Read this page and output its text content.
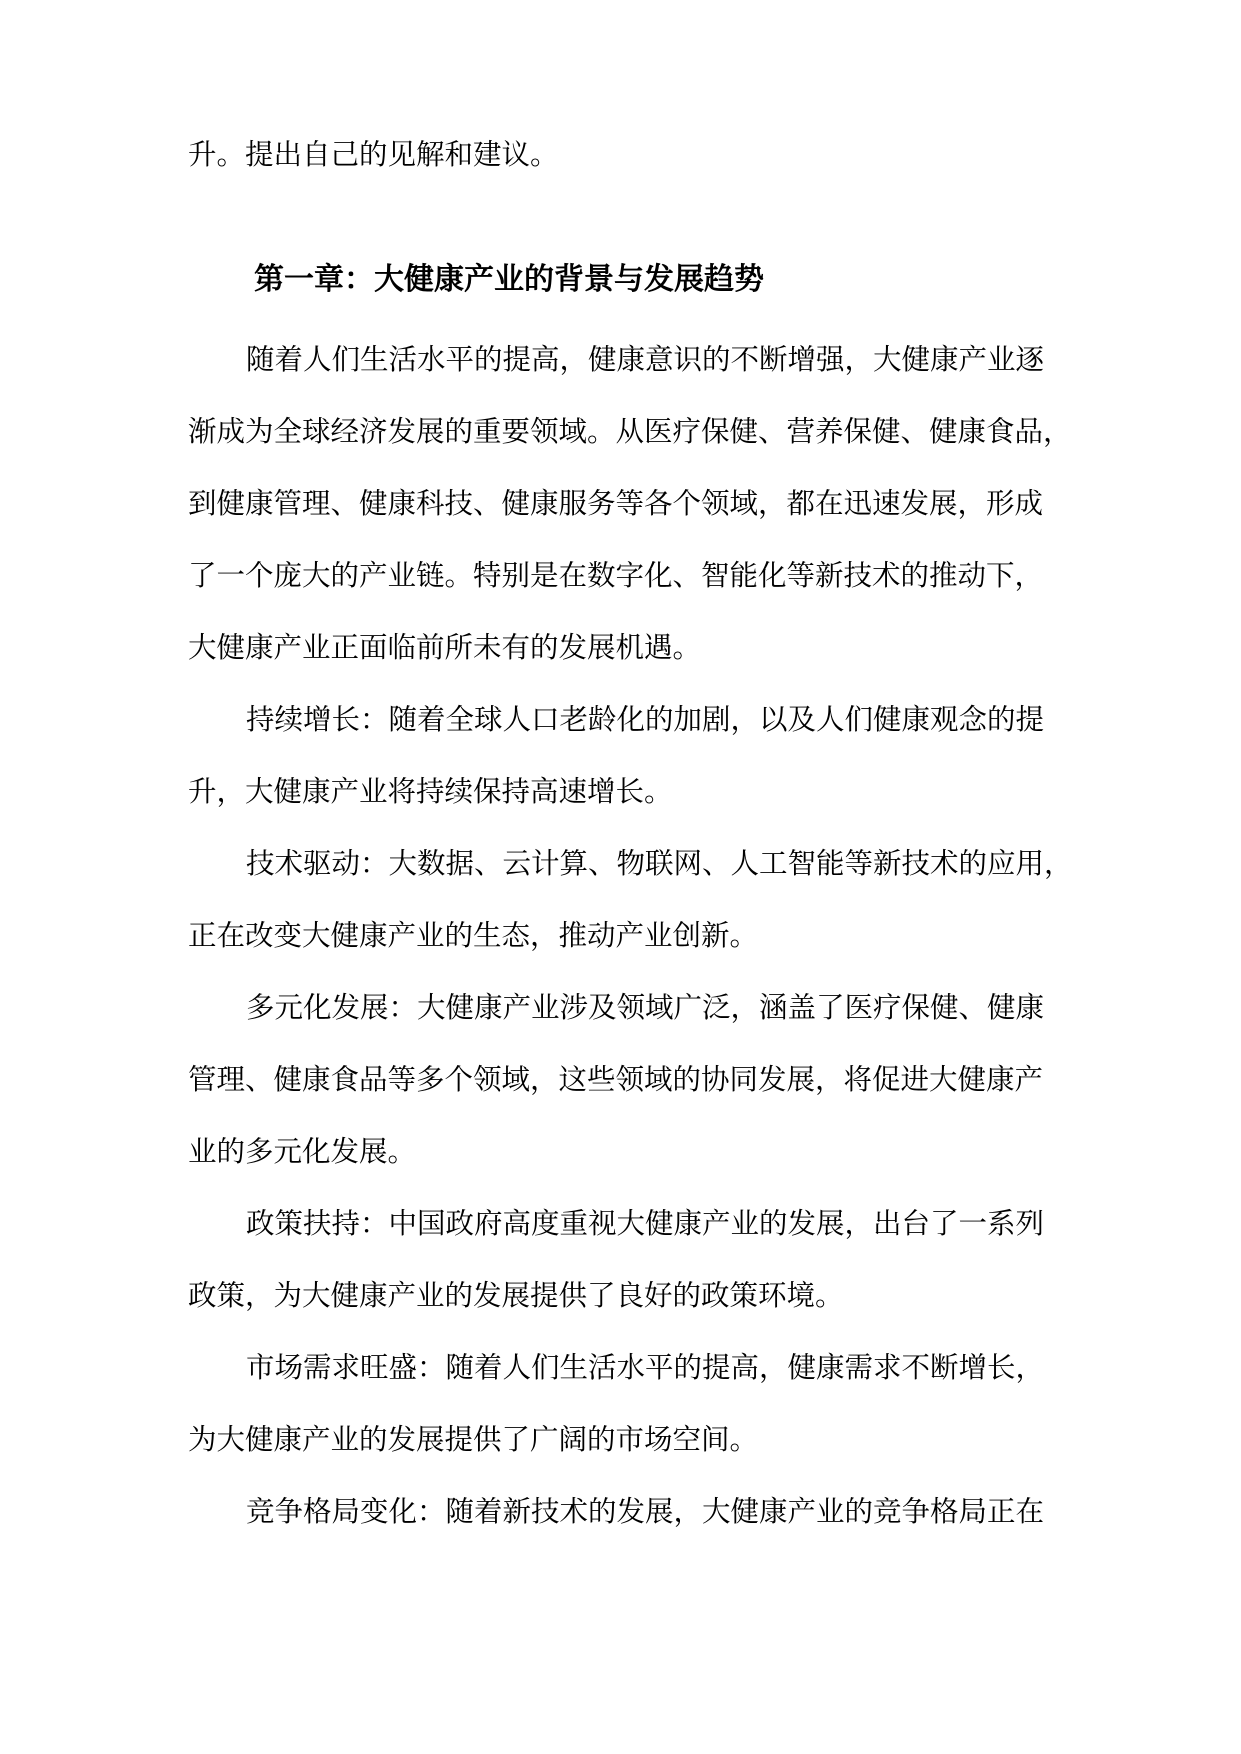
升。提出自己的见解和建议。
第一章：大健康产业的背景与发展趋势
随着人们生活水平的提高，健康意识的不断增强，大健康产业逐
渐成为全球经济发展的重要领域。从医疗保健、营养保健、健康食品，
到健康管理、健康科技、健康服务等各个领域，都在迅速发展，形成
了一个庞大的产业链。特别是在数字化、智能化等新技术的推动下，
大健康产业正面临前所未有的发展机遇。
持续增长：随着全球人口老龄化的加剧，以及人们健康观念的提
升，大健康产业将持续保持高速增长。
技术驱动：大数据、云计算、物联网、人工智能等新技术的应用，
正在改变大健康产业的生态，推动产业创新。
多元化发展：大健康产业涉及领域广泛，涵盖了医疗保健、健康
管理、健康食品等多个领域，这些领域的协同发展，将促进大健康产
业的多元化发展。
政策扶持：中国政府高度重视大健康产业的发展，出台了一系列
政策，为大健康产业的发展提供了良好的政策环境。
市场需求旺盛：随着人们生活水平的提高，健康需求不断增长，
为大健康产业的发展提供了广阔的市场空间。
竞争格局变化：随着新技术的发展，大健康产业的竞争格局正在
